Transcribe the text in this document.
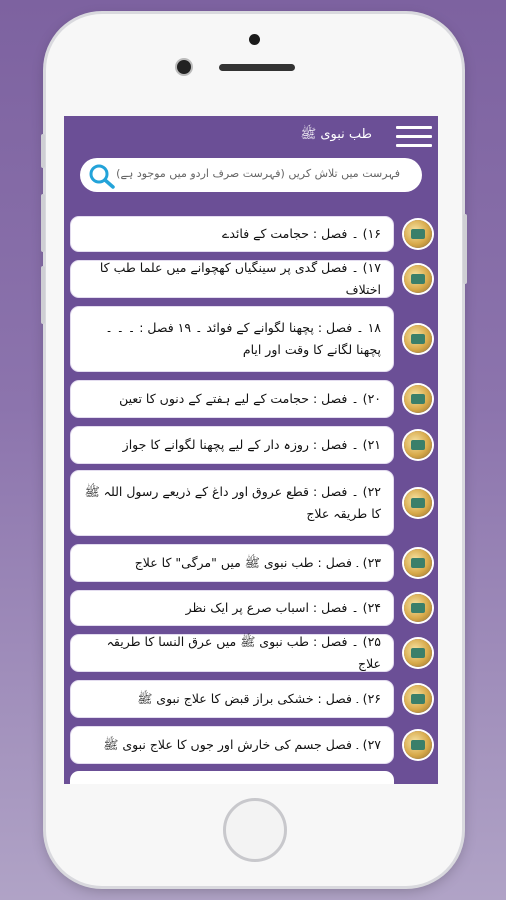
طب نبوی ﷺ
فہرست میں تلاش کریں (فہرست صرف اردو میں موجود ہے)
۱۶) ۔ فصل : حجامت کے فائدے
۱۷) ۔ فصل گدی پر سینگیاں کھچوانے میں علما طب کا اختلاف
۱۸ ۔ فصل : پچھنا لگوانے کے فوائد ۔ ۱۹ فصل : ۔ ۔ ۔ پچھنا لگانے کا وقت اور ایام
۲۰) ۔ فصل : حجامت کے لیے ہفتے کے دنوں کا تعین
۲۱) ۔ فصل : روزہ دار کے لیے پچھنا لگوانے کا جواز
۲۲) ۔ فصل : قطع عروق اور داغ کے ذریعے رسول اللہ ﷺ کا طریقہ علاج
۲۳) ۔ فصل : طب نبوی ﷺ میں "مرگی" کا علاج
۲۴) ۔ فصل : اسباب صرع پر ایک نظر
۲۵) ۔ فصل : طب نبوی ﷺ میں عرق النسا کا طریقہ علاج
۲۶) ۔ فصل : خشکی براز قبض کا علاج نبوی ﷺ
۲۷) ۔ فصل جسم کی خارش اور جوں کا علاج نبوی ﷺ
